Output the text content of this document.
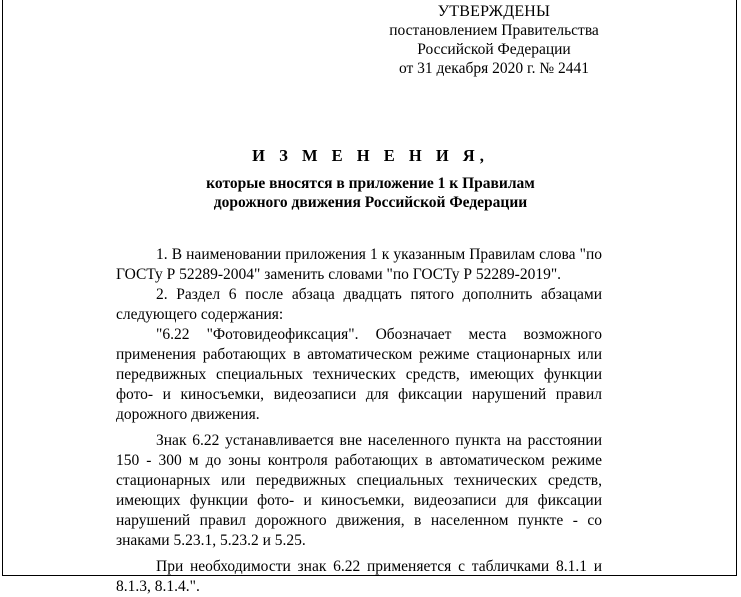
УТВЕРЖДЕНЫ
постановлением Правительства
Российской Федерации
от 31 декабря 2020 г. № 2441
И З М Е Н Е Н И Я,
которые вносятся в приложение 1 к Правилам
дорожного движения Российской Федерации

1. В наименовании приложения 1 к указанным Правилам слова "по ГОСТу Р 52289-2004" заменить словами "по ГОСТу Р 52289-2019".

2. Раздел 6 после абзаца двадцать пятого дополнить абзацами следующего содержания:

"6.22 "Фотовидеофиксация". Обозначает места возможного применения работающих в автоматическом режиме стационарных или передвижных специальных технических средств, имеющих функции фото- и киносъемки, видеозаписи для фиксации нарушений правил дорожного движения.

Знак 6.22 устанавливается вне населенного пункта на расстоянии 150 - 300 м до зоны контроля работающих в автоматическом режиме стационарных или передвижных специальных технических средств, имеющих функции фото- и киносъемки, видеозаписи для фиксации нарушений правил дорожного движения, в населенном пункте - со знаками 5.23.1, 5.23.2 и 5.25.

При необходимости знак 6.22 применяется с табличками 8.1.1 и 8.1.3, 8.1.4.".
